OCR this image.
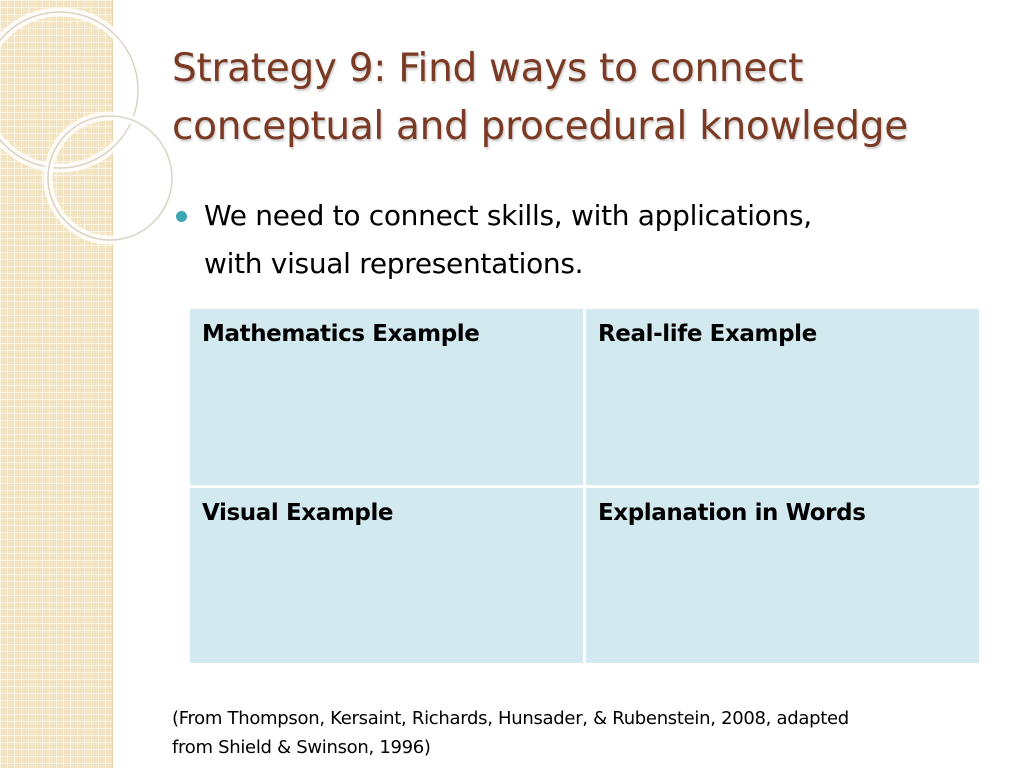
Strategy 9: Find ways to connect
conceptual and procedural knowledge
We need to connect skills, with applications,
with visual representations.
Mathematics Example	Real-life Example
Visual Example	Explanation in Words

(From Thompson, Kersaint, Richards, Hunsader, & Rubenstein, 2008, adapted
from Shield & Swinson, 1996)
